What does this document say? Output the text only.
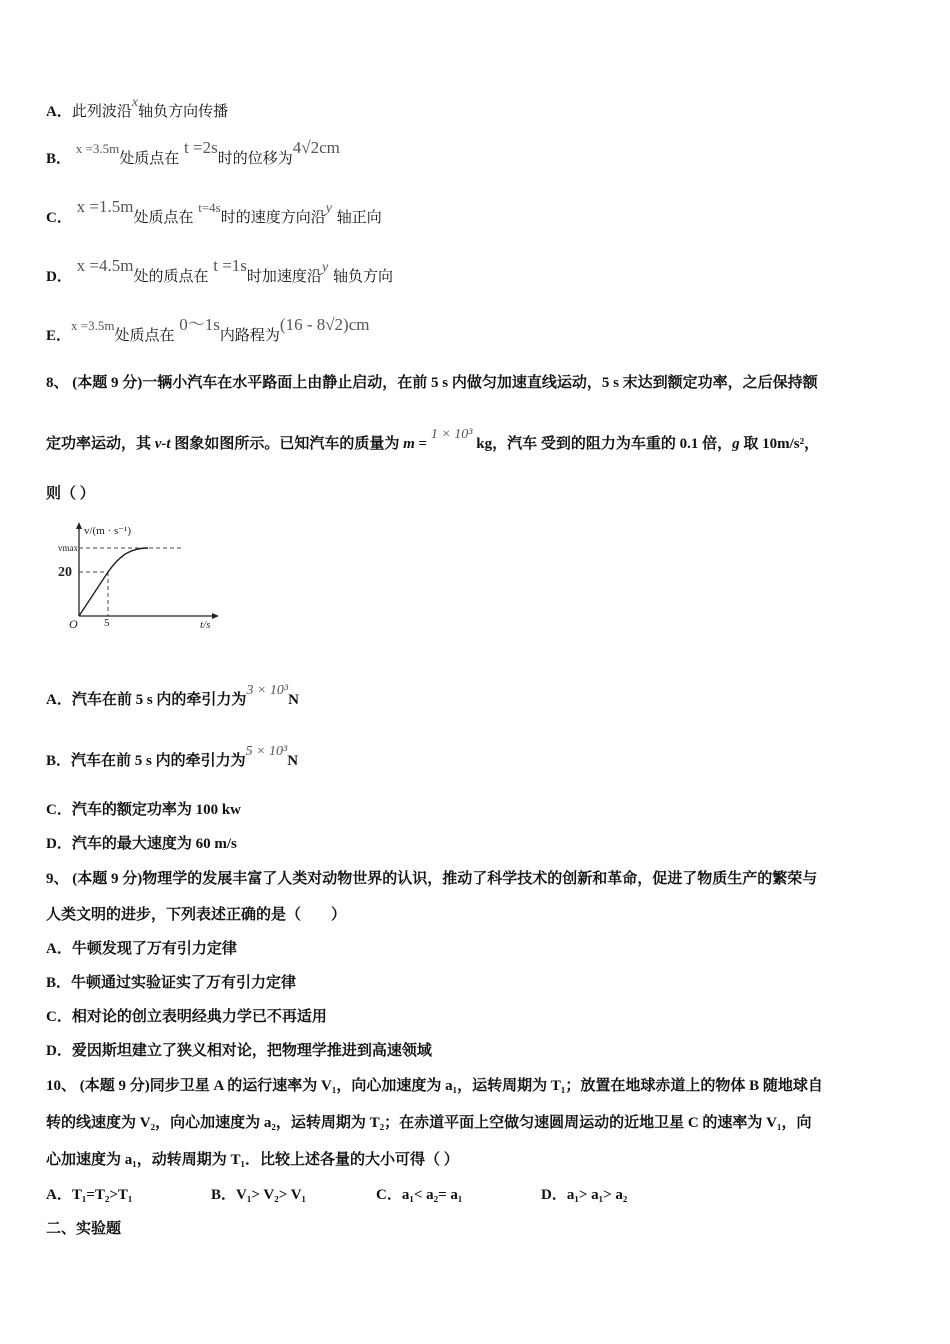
A．此列波沿x轴负方向传播
B． x =3.5m处质点在 t =2s时的位移为4√2cm
C． x =1.5m处质点在 t=4s时的速度方向沿y 轴正向
D． x =4.5m处的质点在 t =1s时加速度沿y 轴负方向
E．x =3.5m处质点在 0～1s内路程为(16 - 8√2)cm
8、 (本题 9 分)一辆小汽车在水平路面上由静止启动，在前 5 s 内做匀加速直线运动，5 s 末达到额定功率，之后保持额
定功率运动，其 v-t 图象如图所示。已知汽车的质量为 m = 1 × 10³ kg，汽车 受到的阻力为车重的 0.1 倍，g 取 10m/s²，
则（ ）
v/(m · s⁻¹)
vmax
20
O 5	t/s
A．汽车在前 5 s 内的牵引力为3 × 10³N
B．汽车在前 5 s 内的牵引力为5 × 10³N
C．汽车的额定功率为 100 kw
D．汽车的最大速度为 60 m/s
9、 (本题 9 分)物理学的发展丰富了人类对动物世界的认识，推动了科学技术的创新和革命，促进了物质生产的繁荣与
人类文明的进步，下列表述正确的是（　　）
A．牛顿发现了万有引力定律
B．牛顿通过实验证实了万有引力定律
C．相对论的创立表明经典力学已不再适用
D．爱因斯坦建立了狭义相对论，把物理学推进到高速领域
10、 (本题 9 分)同步卫星 A 的运行速率为 V₁，向心加速度为 a₁，运转周期为 T₁；放置在地球赤道上的物体 B 随地球自
转的线速度为 V₂，向心加速度为 a₂，运转周期为 T₂；在赤道平面上空做匀速圆周运动的近地卫星 C 的速率为 V₁，向
心加速度为 a₁，动转周期为 T₁．比较上述各量的大小可得（ ）
A．T₁=T₂>T₁	B．V₁> V₂> V₁	C．a₁< a₂= a₁	D．a₁> a₁> a₂
二、实验题
